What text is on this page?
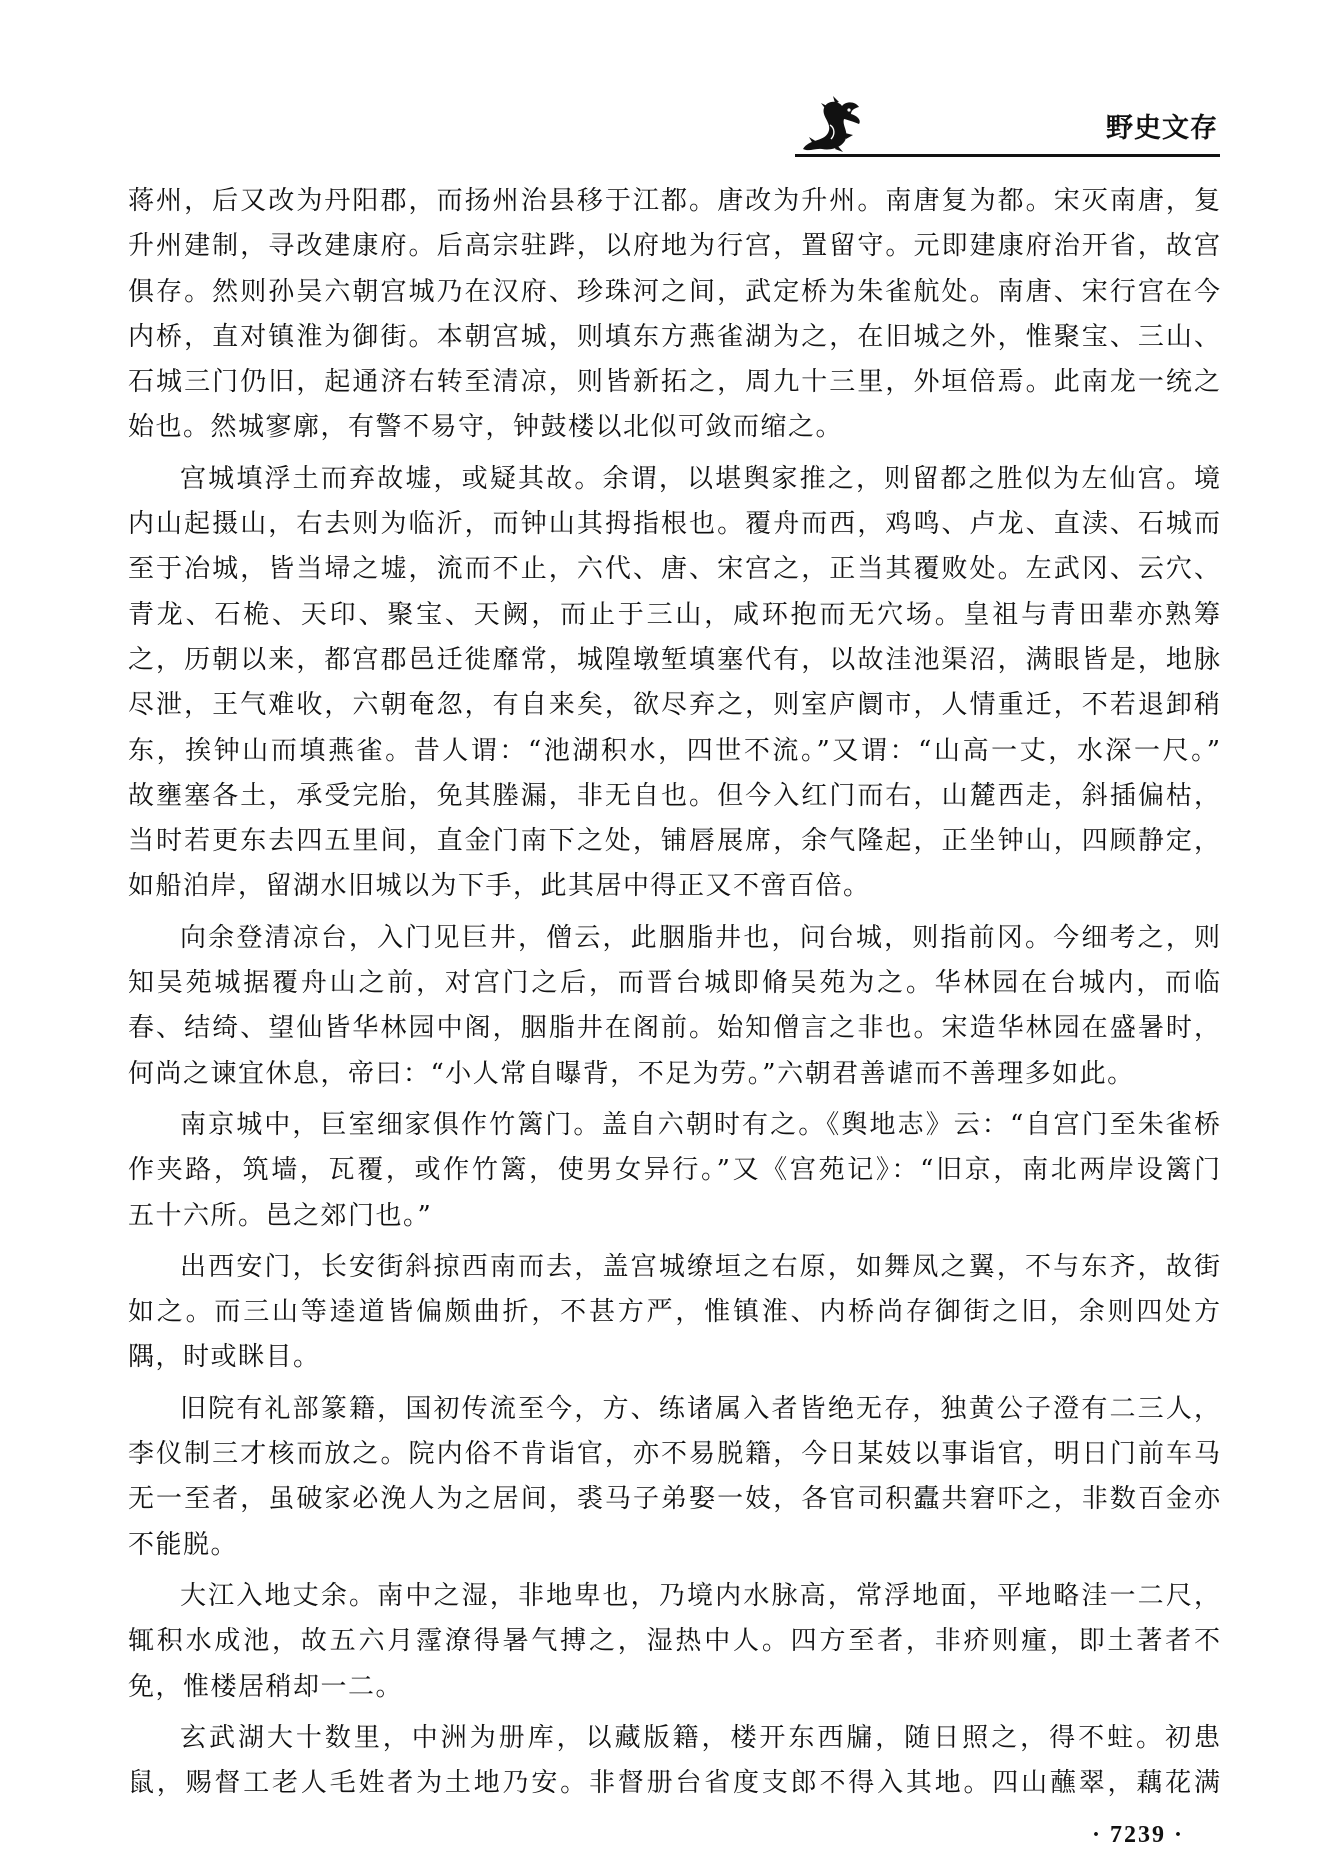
野史文存
蒋州，后又改为丹阳郡，而扬州治县移于江都。唐改为升州。南唐复为都。宋灭南唐，复
升州建制，寻改建康府。后高宗驻跸，以府地为行宫，置留守。元即建康府治开省，故宫
俱存。然则孙吴六朝宫城乃在汉府、珍珠河之间，武定桥为朱雀航处。南唐、宋行宫在今
内桥，直对镇淮为御街。本朝宫城，则填东方燕雀湖为之，在旧城之外，惟聚宝、三山、
石城三门仍旧，起通济右转至清凉，则皆新拓之，周九十三里，外垣倍焉。此南龙一统之
始也。然城寥廓，有警不易守，钟鼓楼以北似可敛而缩之。
宫城填浮土而弃故墟，或疑其故。余谓，以堪舆家推之，则留都之胜似为左仙宫。境
内山起摄山，右去则为临沂，而钟山其拇指根也。覆舟而西，鸡鸣、卢龙、直渎、石城而
至于冶城，皆当埽之墟，流而不止，六代、唐、宋宫之，正当其覆败处。左武冈、云穴、
青龙、石桅、天印、聚宝、天阙，而止于三山，咸环抱而无穴场。皇祖与青田辈亦熟筹
之，历朝以来，都宫郡邑迁徙靡常，城隍墩堑填塞代有，以故洼池渠沼，满眼皆是，地脉
尽泄，王气难收，六朝奄忽，有自来矣，欲尽弃之，则室庐阛市，人情重迁，不若退卸稍
东，挨钟山而填燕雀。昔人谓：“池湖积水，四世不流。”又谓：“山高一丈，水深一尺。”
故壅塞各土，承受完胎，免其塍漏，非无自也。但今入红门而右，山麓西走，斜插偏枯，
当时若更东去四五里间，直金门南下之处，铺唇展席，余气隆起，正坐钟山，四顾静定，
如船泊岸，留湖水旧城以为下手，此其居中得正又不啻百倍。
向余登清凉台，入门见巨井，僧云，此胭脂井也，问台城，则指前冈。今细考之，则
知吴苑城据覆舟山之前，对宫门之后，而晋台城即脩吴苑为之。华林园在台城内，而临
春、结绮、望仙皆华林园中阁，胭脂井在阁前。始知僧言之非也。宋造华林园在盛暑时，
何尚之谏宜休息，帝曰：“小人常自曝背，不足为劳。”六朝君善谑而不善理多如此。
南京城中，巨室细家俱作竹篱门。盖自六朝时有之。《舆地志》云：“自宫门至朱雀桥
作夹路，筑墙，瓦覆，或作竹篱，使男女异行。”又《宫苑记》：“旧京，南北两岸设篱门
五十六所。邑之郊门也。”
出西安门，长安街斜掠西南而去，盖宫城缭垣之右原，如舞凤之翼，不与东齐，故街
如之。而三山等逵道皆偏颇曲折，不甚方严，惟镇淮、内桥尚存御街之旧，余则四处方
隅，时或眯目。
旧院有礼部篆籍，国初传流至今，方、练诸属入者皆绝无存，独黄公子澄有二三人，
李仪制三才核而放之。院内俗不肯诣官，亦不易脱籍，今日某妓以事诣官，明日门前车马
无一至者，虽破家必浼人为之居间，裘马子弟娶一妓，各官司积蠹共窘吓之，非数百金亦
不能脱。
大江入地丈余。南中之湿，非地卑也，乃境内水脉高，常浮地面，平地略洼一二尺，
辄积水成池，故五六月霪潦得暑气搏之，湿热中人。四方至者，非疥则瘇，即土著者不
免，惟楼居稍却一二。
玄武湖大十数里，中洲为册库，以藏版籍，楼开东西牖，随日照之，得不蛀。初患
鼠，赐督工老人毛姓者为土地乃安。非督册台省度支郎不得入其地。四山蘸翠，藕花满
· 7239 ·
